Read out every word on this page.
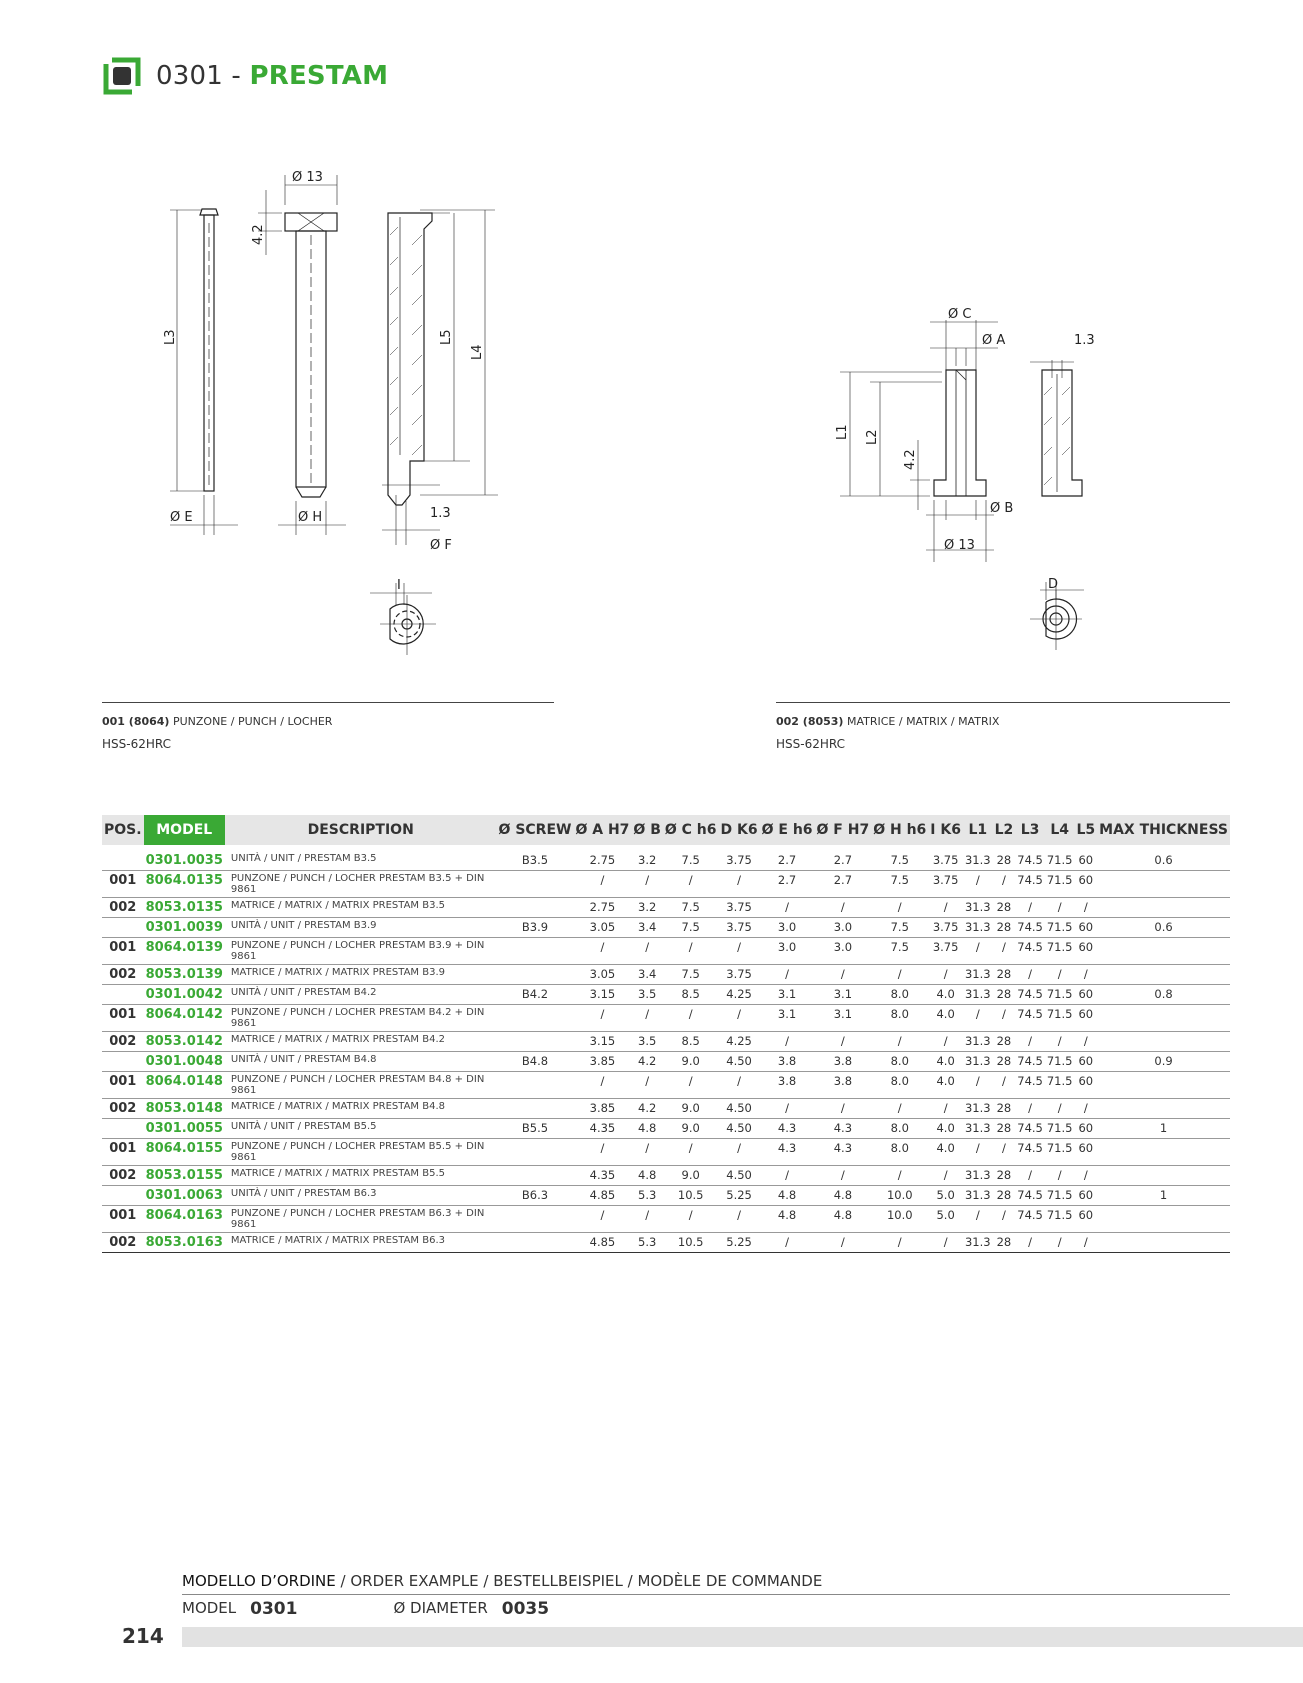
0301 - PRESTAM
Ø 13
4.2
L3	L5
L4
Ø E	Ø H	1.3
Ø F
I
Ø C
Ø A	1.3
L1 L2
4.2
Ø B
Ø 13
D
001 (8064) PUNZONE / PUNCH / LOCHER
HSS-62HRC
002 (8053) MATRICE / MATRIX / MATRIX
HSS-62HRC
POS.	MODEL	DESCRIPTION	Ø SCREW	Ø A H7	Ø B	Ø C h6	D K6	Ø E h6	Ø F H7	Ø H h6	I K6	L1	L2	L3	L4	L5	MAX THICKNESS

	0301.0035	UNITÀ / UNIT / PRESTAM B3.5	B3.5	2.75	3.2	7.5	3.75	2.7	2.7	7.5	3.75	31.3	28	74.5	71.5	60	0.6
001	8064.0135	PUNZONE / PUNCH / LOCHER PRESTAM B3.5 + DIN 9861		/	/	/	/	2.7	2.7	7.5	3.75	/	/	74.5	71.5	60	
002	8053.0135	MATRICE / MATRIX / MATRIX PRESTAM B3.5		2.75	3.2	7.5	3.75	/	/	/	/	31.3	28	/	/	/	
	0301.0039	UNITÀ / UNIT / PRESTAM B3.9	B3.9	3.05	3.4	7.5	3.75	3.0	3.0	7.5	3.75	31.3	28	74.5	71.5	60	0.6
001	8064.0139	PUNZONE / PUNCH / LOCHER PRESTAM B3.9 + DIN 9861		/	/	/	/	3.0	3.0	7.5	3.75	/	/	74.5	71.5	60	
002	8053.0139	MATRICE / MATRIX / MATRIX PRESTAM B3.9		3.05	3.4	7.5	3.75	/	/	/	/	31.3	28	/	/	/	
	0301.0042	UNITÀ / UNIT / PRESTAM B4.2	B4.2	3.15	3.5	8.5	4.25	3.1	3.1	8.0	4.0	31.3	28	74.5	71.5	60	0.8
001	8064.0142	PUNZONE / PUNCH / LOCHER PRESTAM B4.2 + DIN 9861		/	/	/	/	3.1	3.1	8.0	4.0	/	/	74.5	71.5	60	
002	8053.0142	MATRICE / MATRIX / MATRIX PRESTAM B4.2		3.15	3.5	8.5	4.25	/	/	/	/	31.3	28	/	/	/	
	0301.0048	UNITÀ / UNIT / PRESTAM B4.8	B4.8	3.85	4.2	9.0	4.50	3.8	3.8	8.0	4.0	31.3	28	74.5	71.5	60	0.9
001	8064.0148	PUNZONE / PUNCH / LOCHER PRESTAM B4.8 + DIN 9861		/	/	/	/	3.8	3.8	8.0	4.0	/	/	74.5	71.5	60	
002	8053.0148	MATRICE / MATRIX / MATRIX PRESTAM B4.8		3.85	4.2	9.0	4.50	/	/	/	/	31.3	28	/	/	/	
	0301.0055	UNITÀ / UNIT / PRESTAM B5.5	B5.5	4.35	4.8	9.0	4.50	4.3	4.3	8.0	4.0	31.3	28	74.5	71.5	60	1
001	8064.0155	PUNZONE / PUNCH / LOCHER PRESTAM B5.5 + DIN 9861		/	/	/	/	4.3	4.3	8.0	4.0	/	/	74.5	71.5	60	
002	8053.0155	MATRICE / MATRIX / MATRIX PRESTAM B5.5		4.35	4.8	9.0	4.50	/	/	/	/	31.3	28	/	/	/	
	0301.0063	UNITÀ / UNIT / PRESTAM B6.3	B6.3	4.85	5.3	10.5	5.25	4.8	4.8	10.0	5.0	31.3	28	74.5	71.5	60	1
001	8064.0163	PUNZONE / PUNCH / LOCHER PRESTAM B6.3 + DIN 9861		/	/	/	/	4.8	4.8	10.0	5.0	/	/	74.5	71.5	60	
002	8053.0163	MATRICE / MATRIX / MATRIX PRESTAM B6.3		4.85	5.3	10.5	5.25	/	/	/	/	31.3	28	/	/	/	
MODELLO D’ORDINE / ORDER EXAMPLE / BESTELLBEISPIEL / MODÈLE DE COMMANDE
MODEL 0301	Ø DIAMETER 0035
214
